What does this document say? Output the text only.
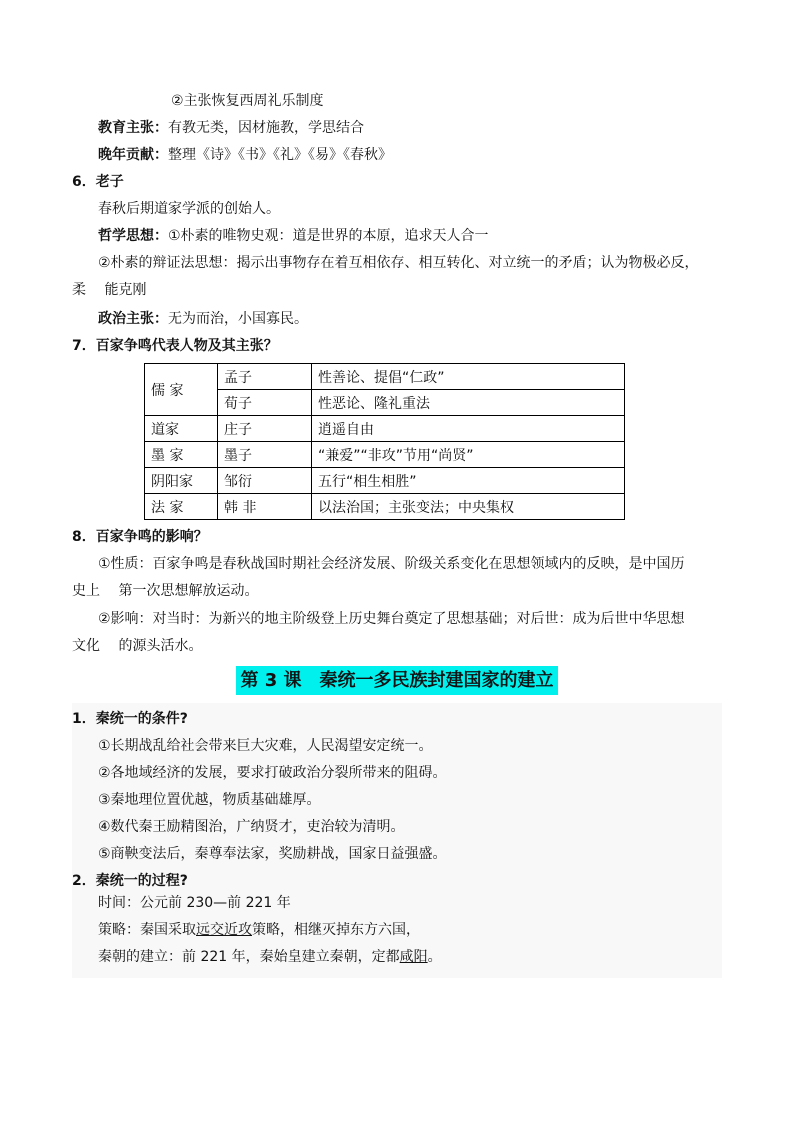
②主张恢复西周礼乐制度
教育主张：有教无类，因材施教，学思结合
晚年贡献：整理《诗》《书》《礼》《易》《春秋》
6．老子
春秋后期道家学派的创始人。
哲学思想：①朴素的唯物史观：道是世界的本原，追求天人合一
②朴素的辩证法思想：揭示出事物存在着互相依存、相互转化、对立统一的矛盾；认为物极必反，
柔　 能克刚
政治主张：无为而治，小国寡民。
7．百家争鸣代表人物及其主张？
儒 家	孟子	性善论、提倡“仁政”
	荀子	性恶论、隆礼重法
道家	庄子	逍遥自由
墨 家	墨子	“兼爱”“非攻”节用“尚贤”
阴阳家	邹衍	五行“相生相胜”
法 家	韩 非	以法治国；主张变法；中央集权
8．百家争鸣的影响？
①性质：百家争鸣是春秋战国时期社会经济发展、阶级关系变化在思想领域内的反映，是中国历
史上　 第一次思想解放运动。
②影响：对当时：为新兴的地主阶级登上历史舞台奠定了思想基础；对后世：成为后世中华思想
文化　 的源头活水。
第 3 课　秦统一多民族封建国家的建立
1．秦统一的条件?
①长期战乱给社会带来巨大灾难，人民渴望安定统一。
②各地域经济的发展，要求打破政治分裂所带来的阻碍。
③秦地理位置优越，物质基础雄厚。
④数代秦王励精图治，广纳贤才，吏治较为清明。
⑤商鞅变法后，秦尊奉法家，奖励耕战，国家日益强盛。
2．秦统一的过程?
时间：公元前 230—前 221 年
策略：秦国采取远交近攻策略，相继灭掉东方六国，
秦朝的建立：前 221 年，秦始皇建立秦朝，定都咸阳。
